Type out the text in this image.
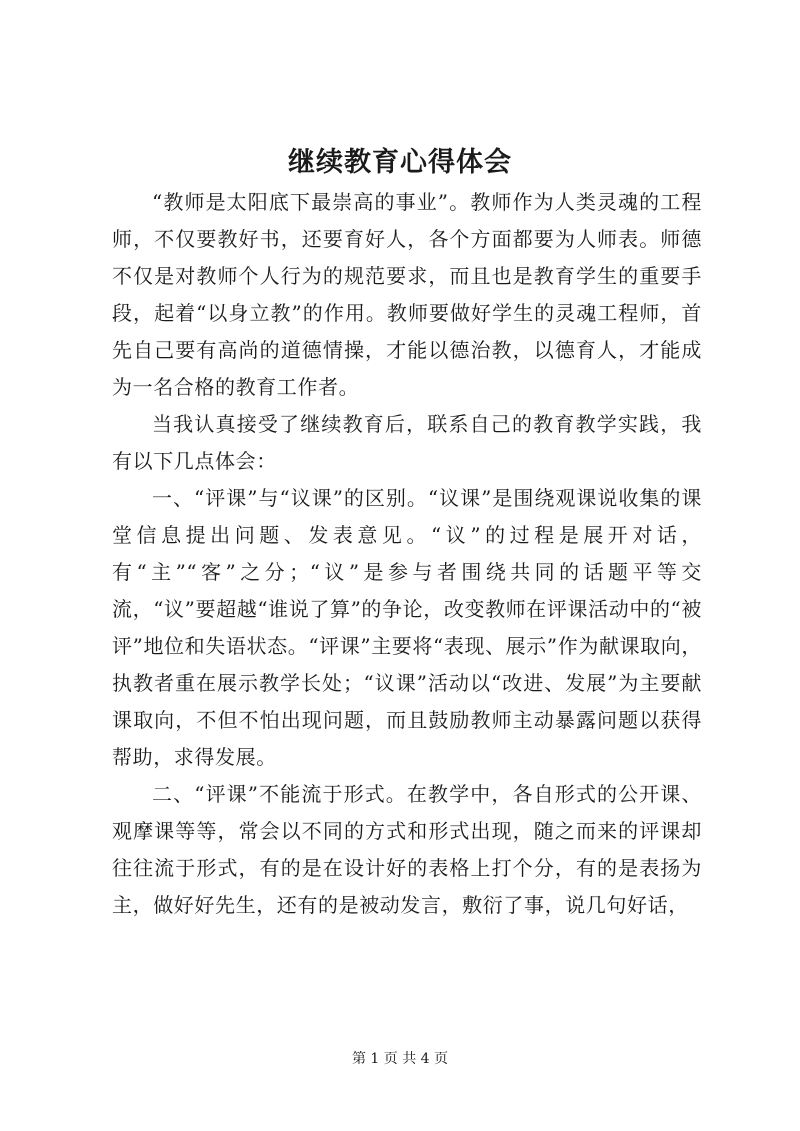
继续教育心得体会

“教师是太阳底下最崇高的事业”。教师作为人类灵魂的工程师，不仅要教好书，还要育好人，各个方面都要为人师表。师德不仅是对教师个人行为的规范要求，而且也是教育学生的重要手段，起着“以身立教”的作用。教师要做好学生的灵魂工程师，首先自己要有高尚的道德情操，才能以德治教，以德育人，才能成为一名合格的教育工作者。

当我认真接受了继续教育后，联系自己的教育教学实践，我有以下几点体会：

一、“评课”与“议课”的区别。“议课”是围绕观课说收集的课堂信息提出问题、发表意见。“议”的过程是展开对话，有“主”“客”之分；“议”是参与者围绕共同的话题平等交流，“议”要超越“谁说了算”的争论，改变教师在评课活动中的“被评”地位和失语状态。“评课”主要将“表现、展示”作为献课取向，执教者重在展示教学长处；“议课”活动以“改进、发展”为主要献课取向，不但不怕出现问题，而且鼓励教师主动暴露问题以获得帮助，求得发展。

二、“评课”不能流于形式。在教学中，各自形式的公开课、观摩课等等，常会以不同的方式和形式出现，随之而来的评课却往往流于形式，有的是在设计好的表格上打个分，有的是表扬为主，做好好先生，还有的是被动发言，敷衍了事，说几句好话，

第 1 页 共 4 页
